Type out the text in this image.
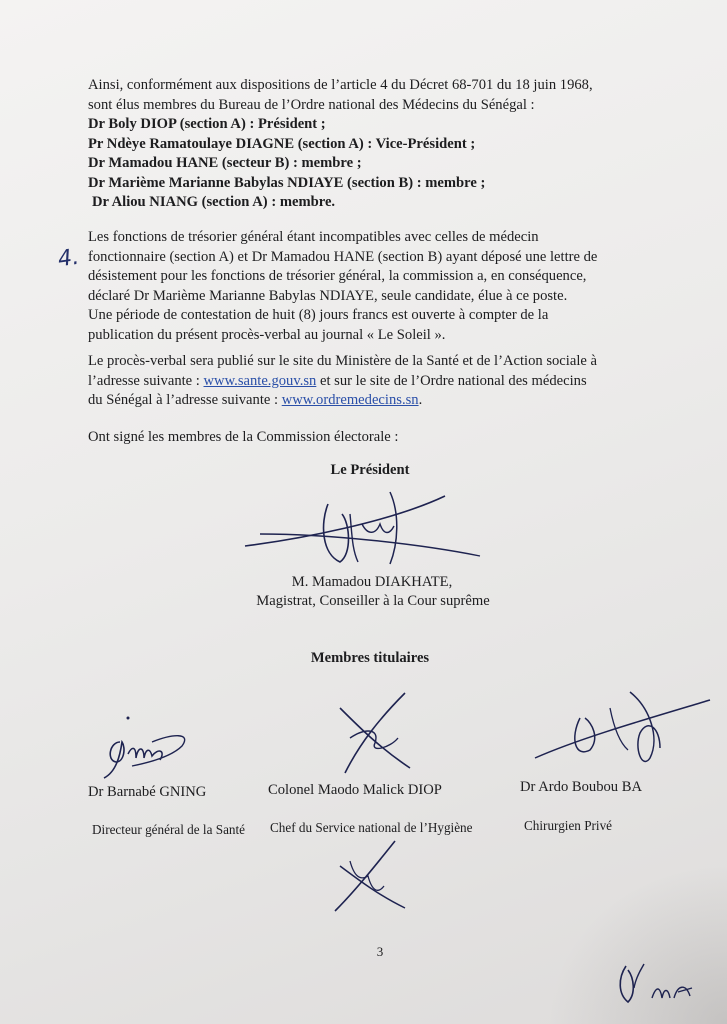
Ainsi, conformément aux dispositions de l’article 4 du Décret 68-701 du 18 juin 1968,
sont élus membres du Bureau de l’Ordre national des Médecins du Sénégal :
Dr Boly DIOP (section A) : Président ;
Pr Ndèye Ramatoulaye DIAGNE (section A) : Vice-Président ;
Dr Mamadou HANE (secteur B) : membre ;
Dr Marième Marianne Babylas NDIAYE (section B) : membre ;
Dr Aliou NIANG (section A) : membre.
4.
Les fonctions de trésorier général étant incompatibles avec celles de médecin
fonctionnaire (section A) et Dr Mamadou HANE (section B) ayant déposé une lettre de
désistement pour les fonctions de trésorier général, la commission a, en conséquence,
déclaré Dr Marième Marianne Babylas NDIAYE, seule candidate, élue à ce poste.
Une période de contestation de huit (8) jours francs est ouverte à compter de la
publication du présent procès-verbal au journal « Le Soleil ».
Le procès-verbal sera publié sur le site du Ministère de la Santé et de l’Action sociale à
l’adresse suivante : www.sante.gouv.sn et sur le site de l’Ordre national des médecins
du Sénégal à l’adresse suivante : www.ordremedecins.sn.
Ont signé les membres de la Commission électorale :
Le Président
M. Mamadou DIAKHATE,
Magistrat, Conseiller à la Cour suprême
Membres titulaires
Dr Barnabé GNING	Colonel Maodo Malick DIOP	Dr Ardo Boubou BA
Directeur général de la Santé	Chef du Service national de l’Hygiène	Chirurgien Privé
3
